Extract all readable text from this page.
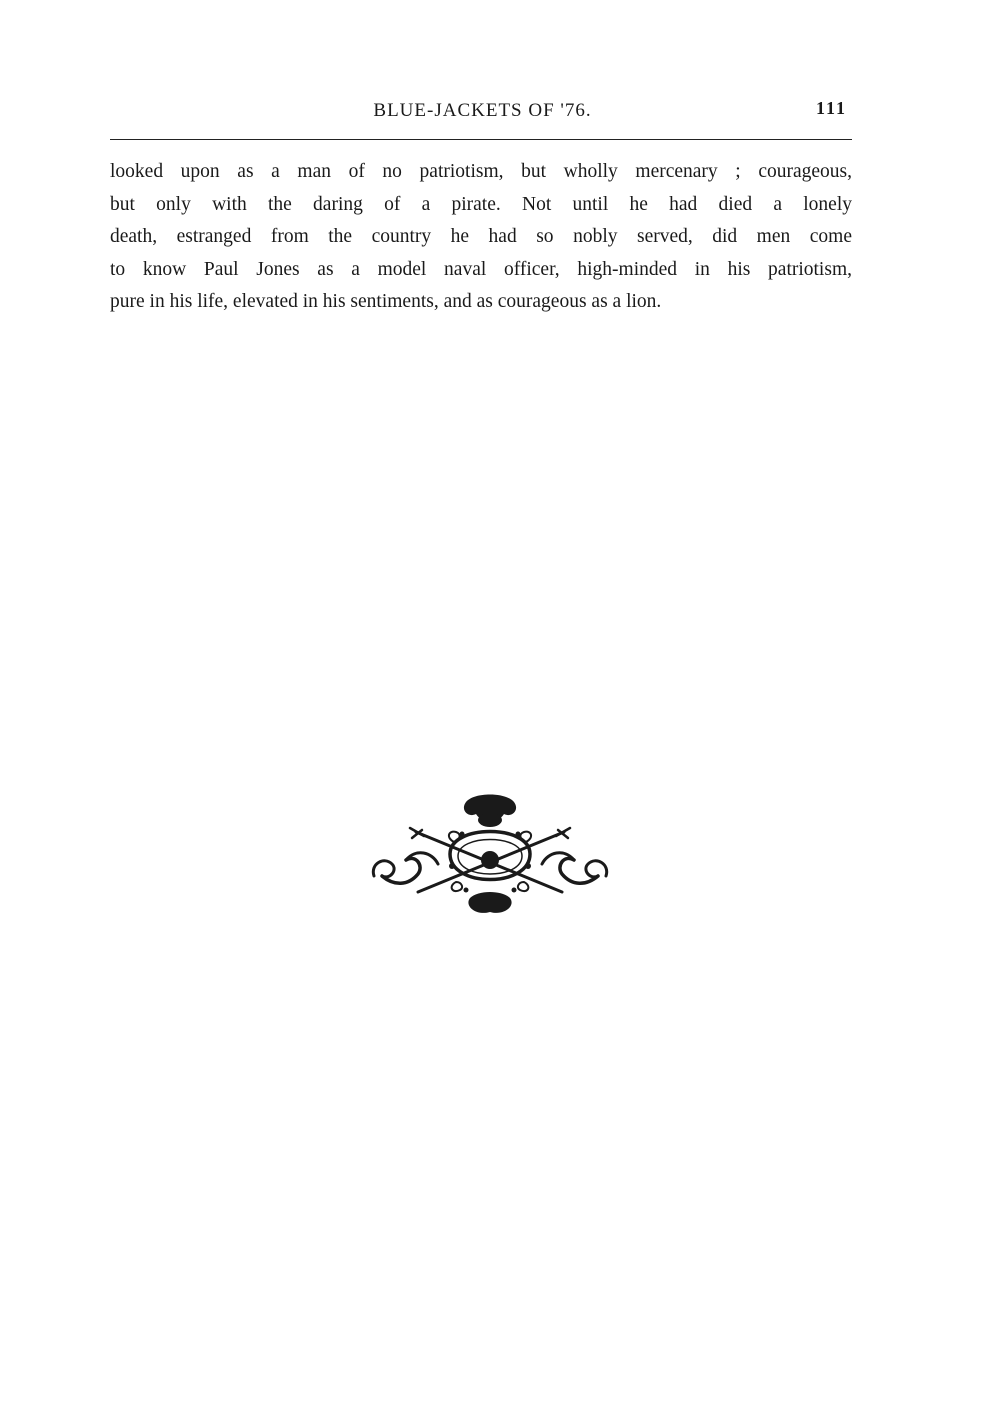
BLUE-JACKETS OF '76.	111

looked upon as a man of no patriotism, but wholly mercenary ; courageous,
but only with the daring of a pirate. Not until he had died a lonely
death, estranged from the country he had so nobly served, did men come
to know Paul Jones as a model naval officer, high-minded in his patriotism,
pure in his life, elevated in his sentiments, and as courageous as a lion.
